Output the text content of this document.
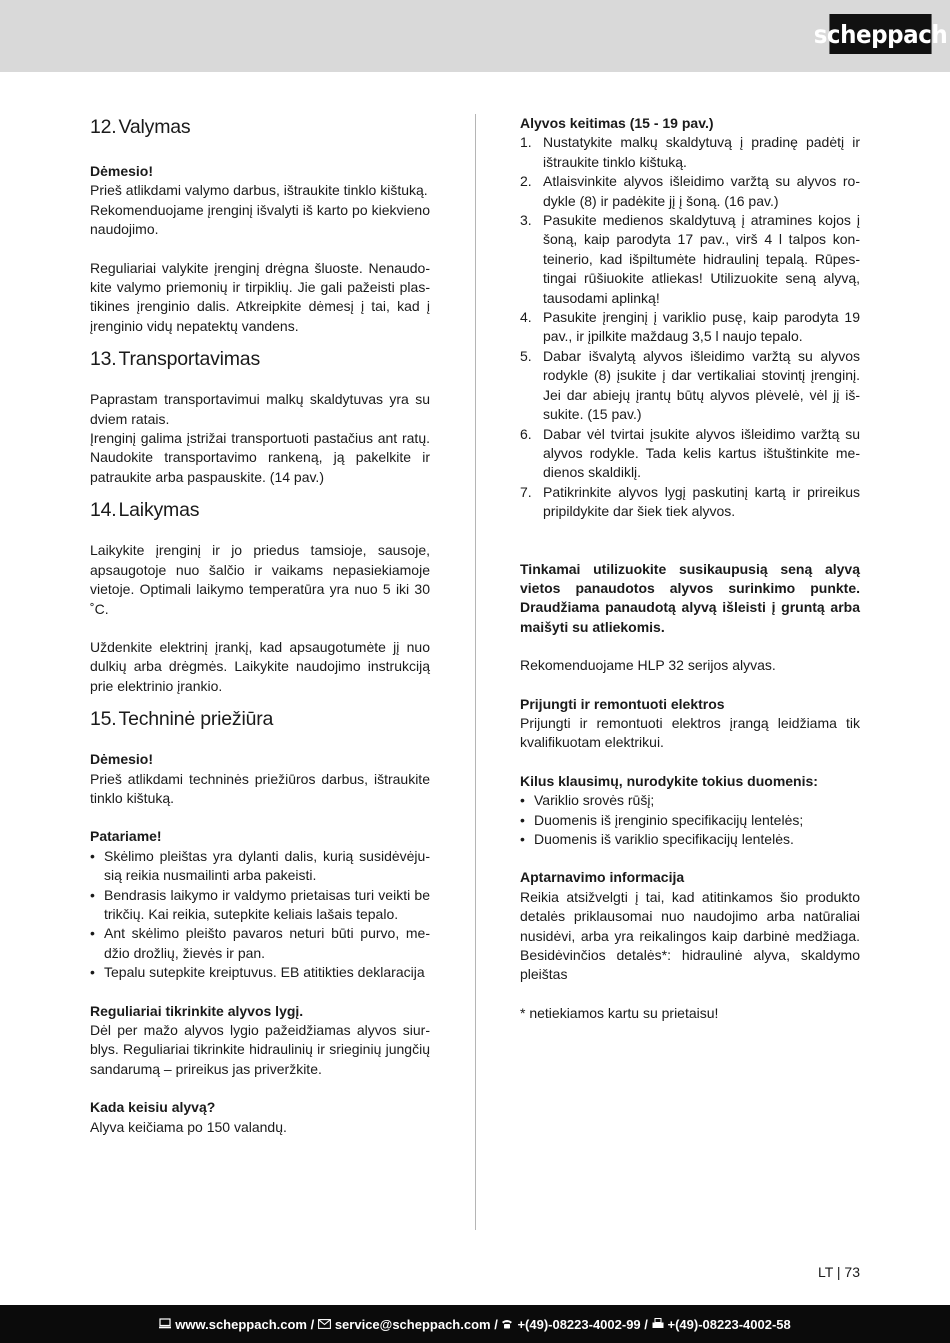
scheppach
12. Valymas

Dėmesio!

Prieš atlikdami valymo darbus, ištraukite tinklo kištuką.

Rekomenduojame įrenginį išvalyti iš karto po kiekvieno naudojimo.

Reguliariai valykite įrenginį drėgna šluoste. Nenaudokite valymo priemonių ir tirpiklių. Jie gali pažeisti plastikines įrenginio dalis. Atkreipkite dėmesį į tai, kad į įrenginio vidų nepatektų vandens.

13. Transportavimas

Paprastam transportavimui malkų skaldytuvas yra su dviem ratais.

Įrenginį galima įstrižai transportuoti pastačius ant ratų. Naudokite transportavimo rankeną, ją pakelkite ir patraukite arba paspauskite. (14 pav.)

14. Laikymas

Laikykite įrenginį ir jo priedus tamsioje, sausoje, apsaugotoje nuo šalčio ir vaikams nepasiekiamoje vietoje. Optimali laikymo temperatūra yra nuo 5 iki 30 ˚C.

Uždenkite elektrinį įrankį, kad apsaugotumėte jį nuo dulkių arba drėgmės. Laikykite naudojimo instrukciją prie elektrinio įrankio.

15. Techninė priežiūra

Dėmesio!

Prieš atlikdami techninės priežiūros darbus, ištraukite tinklo kištuką.

Patariame!

• Skėlimo pleištas yra dylanti dalis, kurią susidėvėjusią reikia nusmailinti arba pakeisti.
• Bendrasis laikymo ir valdymo prietaisas turi veikti be trikčių. Kai reikia, sutepkite keliais lašais tepalo.
• Ant skėlimo pleišto pavaros neturi būti purvo, medžio drožlių, žievės ir pan.
• Tepalu sutepkite kreiptuvus. EB atitikties deklaracija

Reguliariai tikrinkite alyvos lygį.

Dėl per mažo alyvos lygio pažeidžiamas alyvos siurblys. Reguliariai tikrinkite hidraulinių ir srieginių jungčių sandarumą – prireikus jas priveržkite.

Kada keisiu alyvą?

Alyva keičiama po 150 valandų.

Alyvos keitimas (15 - 19 pav.)

1. Nustatykite malkų skaldytuvą į pradinę padėtį ir ištraukite tinklo kištuką.
2. Atlaisvinkite alyvos išleidimo varžtą su alyvos rodykle (8) ir padėkite jį į šoną. (16 pav.)
3. Pasukite medienos skaldytuvą į atramines kojos į šoną, kaip parodyta 17 pav., virš 4 l talpos konteinerio, kad išpiltumėte hidraulinį tepalą. Rūpestingai rūšiuokite atliekas! Utilizuokite seną alyvą, tausodami aplinką!
4. Pasukite įrenginį į variklio pusę, kaip parodyta 19 pav., ir įpilkite maždaug 3,5 l naujo tepalo.
5. Dabar išvalytą alyvos išleidimo varžtą su alyvos rodykle (8) įsukite į dar vertikaliai stovintį įrenginį. Jei dar abiejų įrantų būtų alyvos plėvelė, vėl jį išsukite. (15 pav.)
6. Dabar vėl tvirtai įsukite alyvos išleidimo varžtą su alyvos rodykle. Tada kelis kartus ištuštinkite medienos skaldiklį.
7. Patikrinkite alyvos lygį paskutinį kartą ir prireikus pripildykite dar šiek tiek alyvos.

Tinkamai utilizuokite susikaupusią seną alyvą vietos panaudotos alyvos surinkimo punkte. Draudžiama panaudotą alyvą išleisti į gruntą arba maišyti su atliekomis.

Rekomenduojame HLP 32 serijos alyvas.

Prijungti ir remontuoti elektros

Prijungti ir remontuoti elektros įrangą leidžiama tik kvalifikuotam elektrikui.

Kilus klausimų, nurodykite tokius duomenis:

• Variklio srovės rūšį;
• Duomenis iš įrenginio specifikacijų lentelės;
• Duomenis iš variklio specifikacijų lentelės.

Aptarnavimo informacija

Reikia atsižvelgti į tai, kad atitinkamos šio produkto detalės priklausomai nuo naudojimo arba natūraliai nusidėvi, arba yra reikalingos kaip darbinė medžiaga. Besidėvinčios detalės*: hidraulinė alyva, skaldymo pleištas

* netiekiamos kartu su prietaisu!

LT | 73
www.scheppach.com /
service@scheppach.com /
+(49)-08223-4002-99 /
+(49)-08223-4002-58
